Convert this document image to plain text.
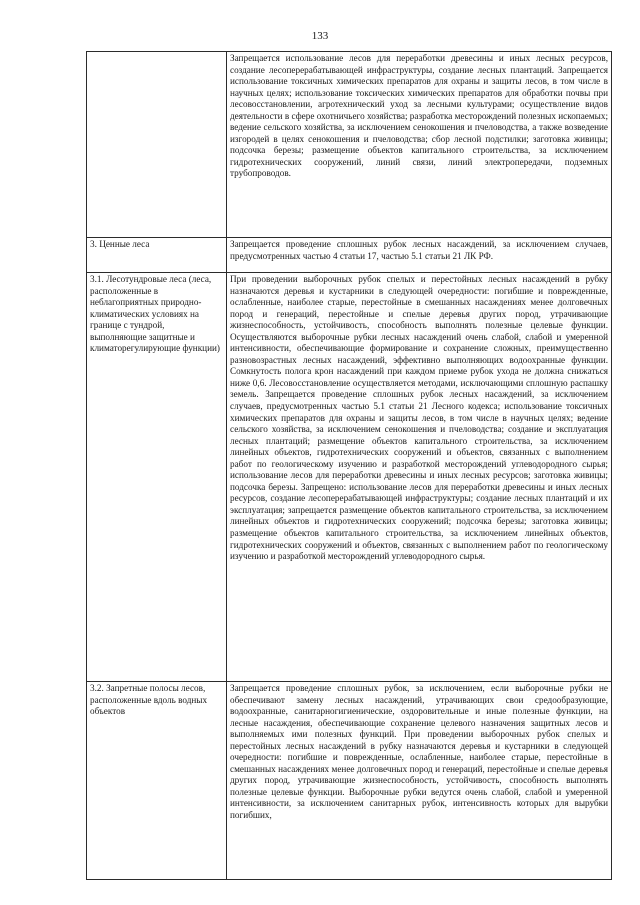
133
	Запрещается использование лесов для переработки древесины и иных лесных ресурсов, создание лесоперерабатывающей инфраструктуры, создание лесных плантаций. Запрещается использование токсичных химических препаратов для охраны и защиты лесов, в том числе в научных целях; использование токсических химических препаратов для обработки почвы при лесовосстановлении, агротехнический уход за лесными культурами; осуществление видов деятельности в сфере охотничьего хозяйства; разработка месторождений полезных ископаемых; ведение сельского хозяйства, за исключением сенокошения и пчеловодства, а также возведение изгородей в целях сенокошения и пчеловодства; сбор лесной подстилки; заготовка живицы; подсочка березы; размещение объектов капитального строительства, за исключением гидротехнических сооружений, линий связи, линий электропередачи, подземных трубопроводов.
3. Ценные леса	Запрещается проведение сплошных рубок лесных насаждений, за исключением случаев, предусмотренных частью 4 статьи 17, частью 5.1 статьи 21 ЛК РФ.
3.1. Лесотундровые леса (леса, расположенные в неблагоприятных природно-климатических условиях на границе с тундрой, выполняющие защитные и климаторегулирующие функции)	При проведении выборочных рубок спелых и перестойных лесных насаждений в рубку назначаются деревья и кустарники в следующей очередности: погибшие и поврежденные, ослабленные, наиболее старые, перестойные в смешанных насаждениях менее долговечных пород и генераций, перестойные и спелые деревья других пород, утрачивающие жизнеспособность, устойчивость, способность выполнять полезные целевые функции. Осуществляются выборочные рубки лесных насаждений очень слабой, слабой и умеренной интенсивности, обеспечивающие формирование и сохранение сложных, преимущественно разновозрастных лесных насаждений, эффективно выполняющих водоохранные функции. Сомкнутость полога крон насаждений при каждом приеме рубок ухода не должна снижаться ниже 0,6. Лесовосстановление осуществляется методами, исключающими сплошную распашку земель. Запрещается проведение сплошных рубок лесных насаждений, за исключением случаев, предусмотренных частью 5.1 статьи 21 Лесного кодекса; использование токсичных химических препаратов для охраны и защиты лесов, в том числе в научных целях; ведение сельского хозяйства, за исключением сенокошения и пчеловодства; создание и эксплуатация лесных плантаций; размещение объектов капитального строительства, за исключением линейных объектов, гидротехнических сооружений и объектов, связанных с выполнением работ по геологическому изучению и разработкой месторождений углеводородного сырья; использование лесов для переработки древесины и иных лесных ресурсов; заготовка живицы; подсочка березы. Запрещено: использование лесов для переработки древесины и иных лесных ресурсов, создание лесоперерабатывающей инфраструктуры; создание лесных плантаций и их эксплуатация; запрещается размещение объектов капитального строительства, за исключением линейных объектов и гидротехнических сооружений; подсочка березы; заготовка живицы; размещение объектов капитального строительства, за исключением линейных объектов, гидротехнических сооружений и объектов, связанных с выполнением работ по геологическому изучению и разработкой месторождений углеводородного сырья.
3.2. Запретные полосы лесов, расположенные вдоль водных объектов	Запрещается проведение сплошных рубок, за исключением, если выборочные рубки не обеспечивают замену лесных насаждений, утрачивающих свои средообразующие, водоохранные, санитарногигиенические, оздоровительные и иные полезные функции, на лесные насаждения, обеспечивающие сохранение целевого назначения защитных лесов и выполняемых ими полезных функций. При проведении выборочных рубок спелых и перестойных лесных насаждений в рубку назначаются деревья и кустарники в следующей очередности: погибшие и поврежденные, ослабленные, наиболее старые, перестойные в смешанных насаждениях менее долговечных пород и генераций, перестойные и спелые деревья других пород, утрачивающие жизнеспособность, устойчивость, способность выполнять полезные целевые функции. Выборочные рубки ведутся очень слабой, слабой и умеренной интенсивности, за исключением санитарных рубок, интенсивность которых для вырубки погибших,
